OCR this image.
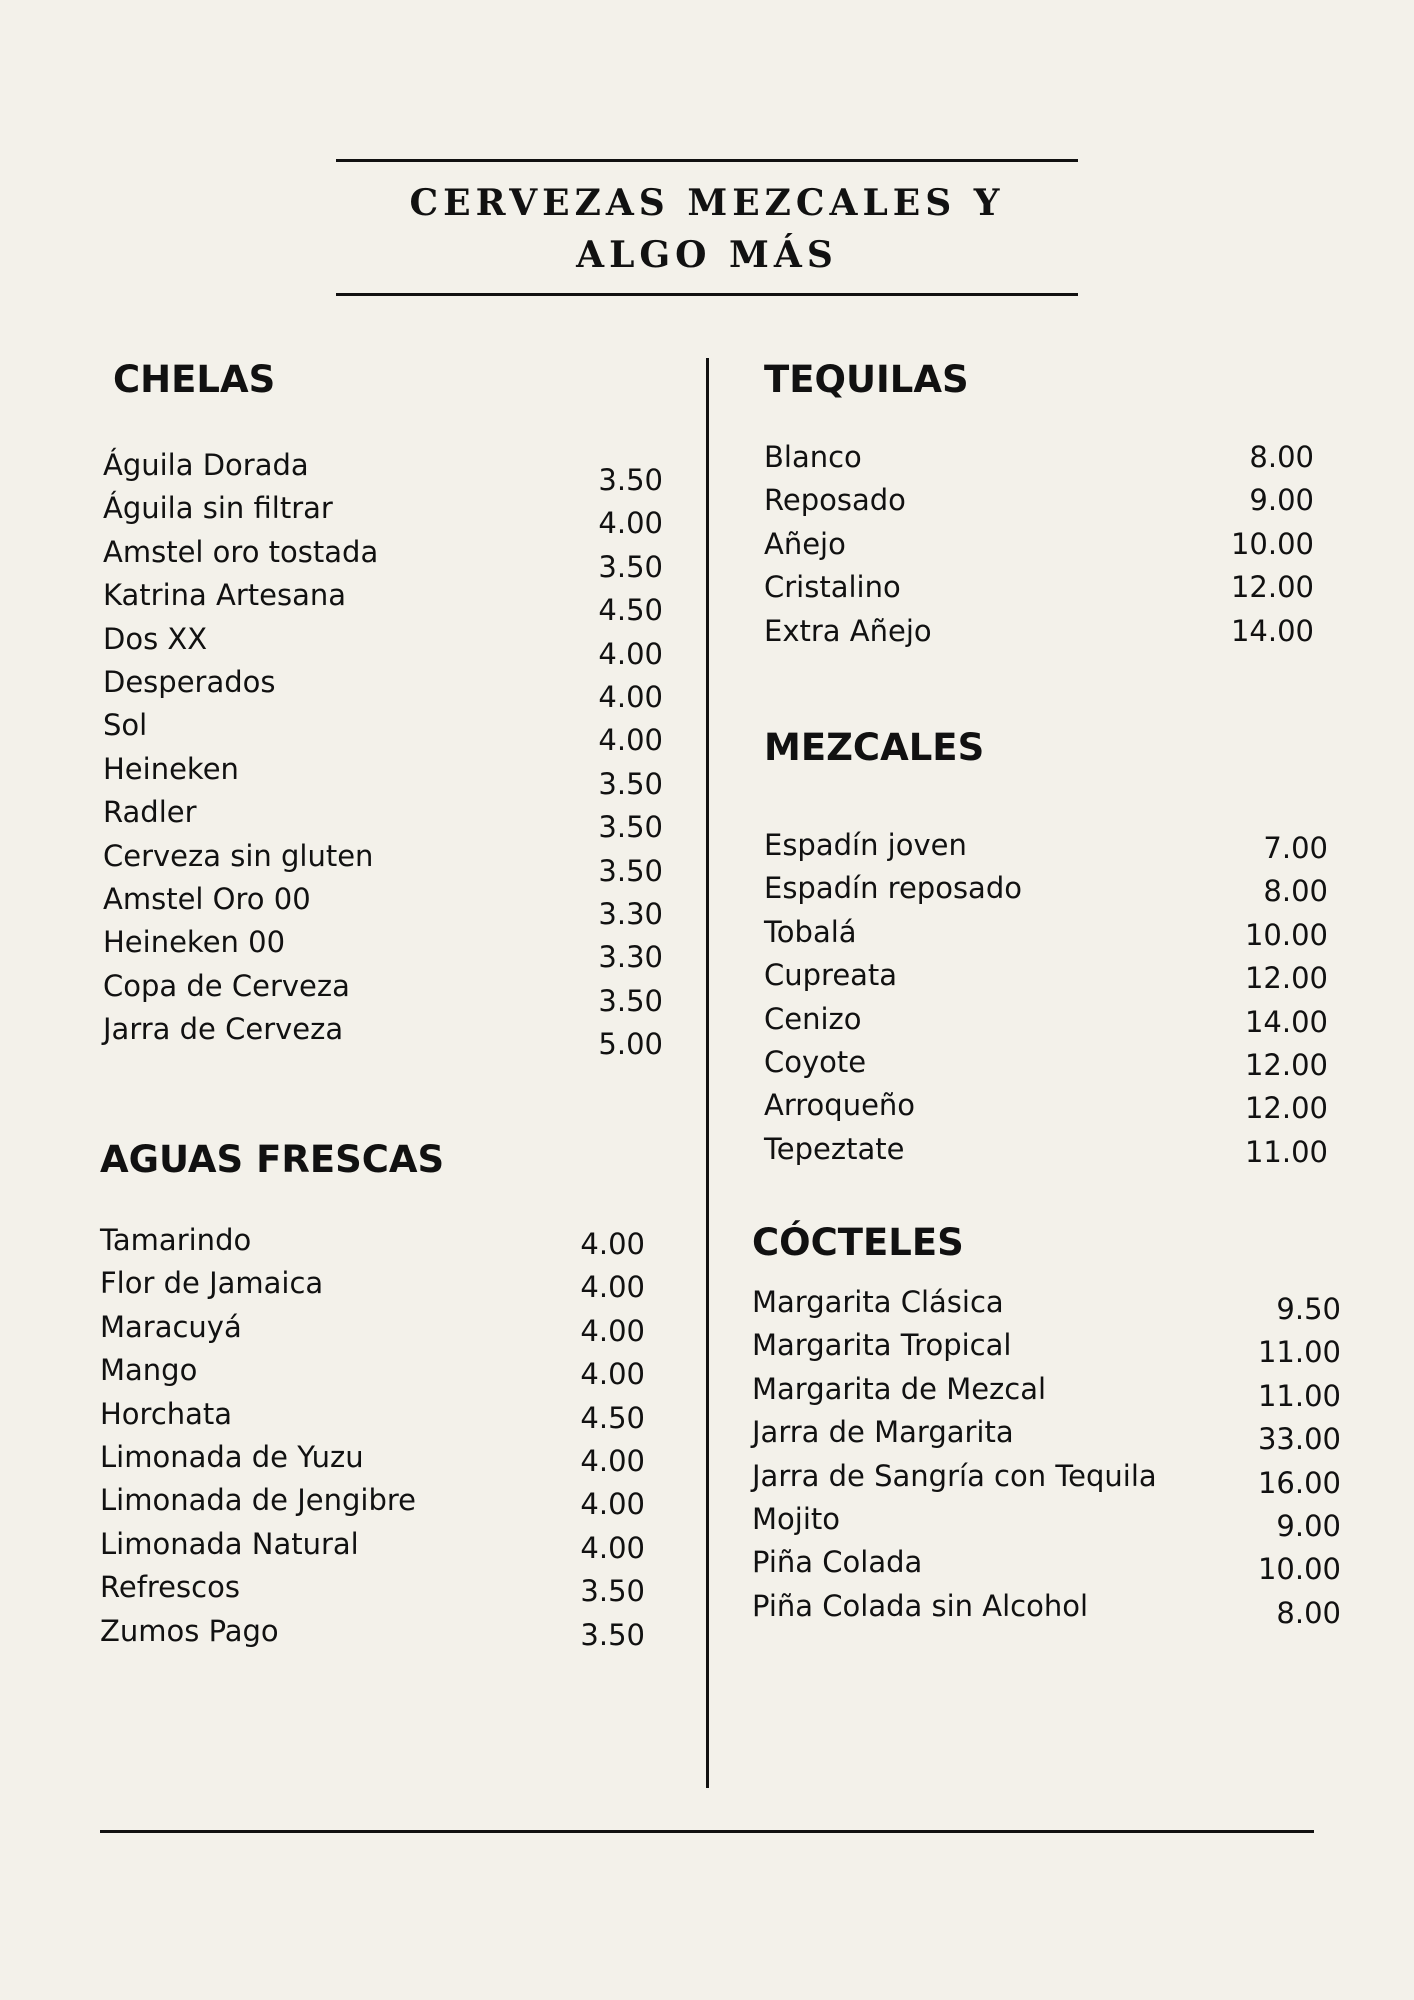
CERVEZAS MEZCALES Y
ALGO MÁS
CHELAS
Águila Dorada
Águila sin filtrar
Amstel oro tostada
Katrina Artesana
Dos XX
Desperados
Sol
Heineken
Radler
Cerveza sin gluten
Amstel Oro 00
Heineken 00
Copa de Cerveza
Jarra de Cerveza
3.50
4.00
3.50
4.50
4.00
4.00
4.00
3.50
3.50
3.50
3.30
3.30
3.50
5.00
AGUAS FRESCAS
Tamarindo
Flor de Jamaica
Maracuyá
Mango
Horchata
Limonada de Yuzu
Limonada de Jengibre
Limonada Natural
Refrescos
Zumos Pago
4.00
4.00
4.00
4.00
4.50
4.00
4.00
4.00
3.50
3.50
TEQUILAS
Blanco
Reposado
Añejo
Cristalino
Extra Añejo
8.00
9.00
10.00
12.00
14.00
MEZCALES
Espadín joven
Espadín reposado
Tobalá
Cupreata
Cenizo
Coyote
Arroqueño
Tepeztate
7.00
8.00
10.00
12.00
14.00
12.00
12.00
11.00
CÓCTELES
Margarita Clásica
Margarita Tropical
Margarita de Mezcal
Jarra de Margarita
Jarra de Sangría con Tequila
Mojito
Piña Colada
Piña Colada sin Alcohol
9.50
11.00
11.00
33.00
16.00
9.00
10.00
8.00
